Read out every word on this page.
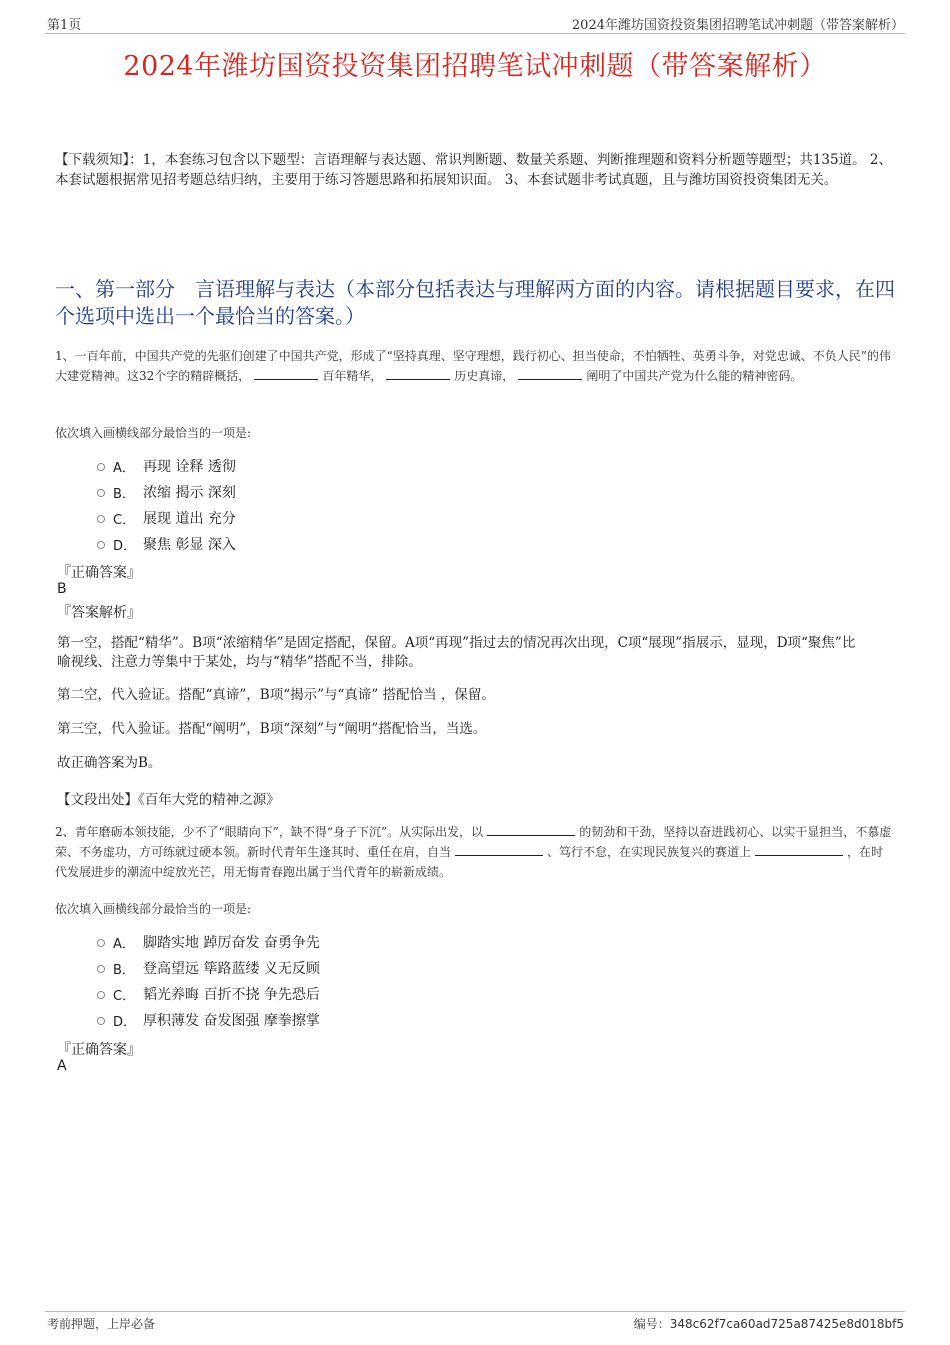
第1页	2024年潍坊国资投资集团招聘笔试冲刺题（带答案解析）
2024年潍坊国资投资集团招聘笔试冲刺题（带答案解析）
【下载须知】：1，本套练习包含以下题型：言语理解与表达题、常识判断题、数量关系题、判断推理题和资料分析题等题型；共135道。 2、本套试题根据常见招考题总结归纳，主要用于练习答题思路和拓展知识面。 3、本套试题非考试真题，且与潍坊国资投资集团无关。
一、第一部分　言语理解与表达（本部分包括表达与理解两方面的内容。请根据题目要求，在四个选项中选出一个最恰当的答案。）
1、一百年前，中国共产党的先驱们创建了中国共产党，形成了“坚持真理、坚守理想，践行初心、担当使命，不怕牺牲、英勇斗争，对党忠诚、不负人民”的伟大建党精神。这32个字的精辟概括，	百年精华，	历史真谛，	阐明了中国共产党为什么能的精神密码。
依次填入画横线部分最恰当的一项是:
A． 再现 诠释 透彻
B． 浓缩 揭示 深刻
C． 展现 道出 充分
D． 聚焦 彰显 深入
『正确答案』
B
『答案解析』
第一空，搭配“精华”。B项“浓缩精华”是固定搭配，保留。A项“再现”指过去的情况再次出现，C项“展现”指展示，显现，D项“聚焦”比喻视线、注意力等集中于某处，均与“精华”搭配不当，排除。
第二空，代入验证。搭配“真谛”，B项“揭示”与“真谛” 搭配恰当 ，保留。
第三空，代入验证。搭配“阐明”，B项“深刻”与“阐明”搭配恰当，当选。
故正确答案为B。
【文段出处】《百年大党的精神之源》
2、青年磨砺本领技能，少不了“眼睛向下”，缺不得“身子下沉”。从实际出发，以	的韧劲和干劲，坚持以奋进践初心、以实干显担当，不慕虚荣、不务虚功，方可练就过硬本领。新时代青年生逢其时、重任在肩，自当	、笃行不怠，在实现民族复兴的赛道上	，在时代发展进步的潮流中绽放光芒，用无悔青春跑出属于当代青年的崭新成绩。
依次填入画横线部分最恰当的一项是:
A． 脚踏实地 踔厉奋发 奋勇争先
B． 登高望远 筚路蓝缕 义无反顾
C． 韬光养晦 百折不挠 争先恐后
D． 厚积薄发 奋发图强 摩拳擦掌
『正确答案』
A
考前押题，上岸必备	编号：348c62f7ca60ad725a87425e8d018bf5
